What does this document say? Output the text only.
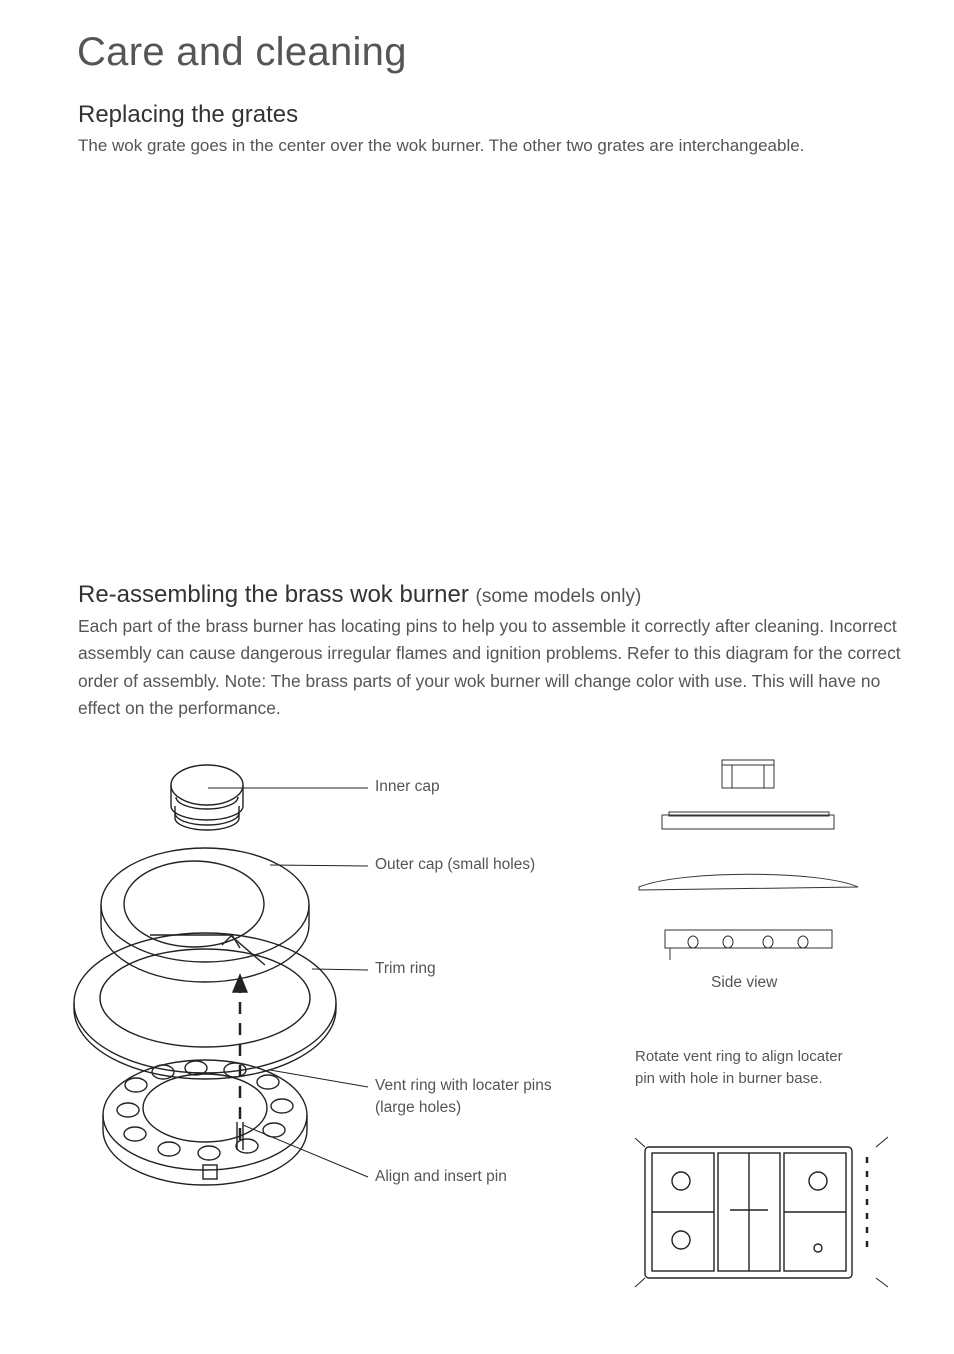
Care and cleaning
Replacing the grates
The wok grate goes in the center over the wok burner. The other two grates are interchangeable.
Re-assembling the brass wok burner (some models only)
Each part of the brass burner has locating pins to help you to assemble it correctly after cleaning. Incorrect assembly can cause dangerous irregular flames and ignition problems. Refer to this diagram for the correct order of assembly. Note: The brass parts of your wok burner will change color with use. This will have no effect on the performance.
Inner cap
Outer cap (small holes)
Trim ring
Vent ring with locater pins
(large holes)
Align and insert pin
Side view
Rotate vent ring to align locater
pin with hole in burner base.
